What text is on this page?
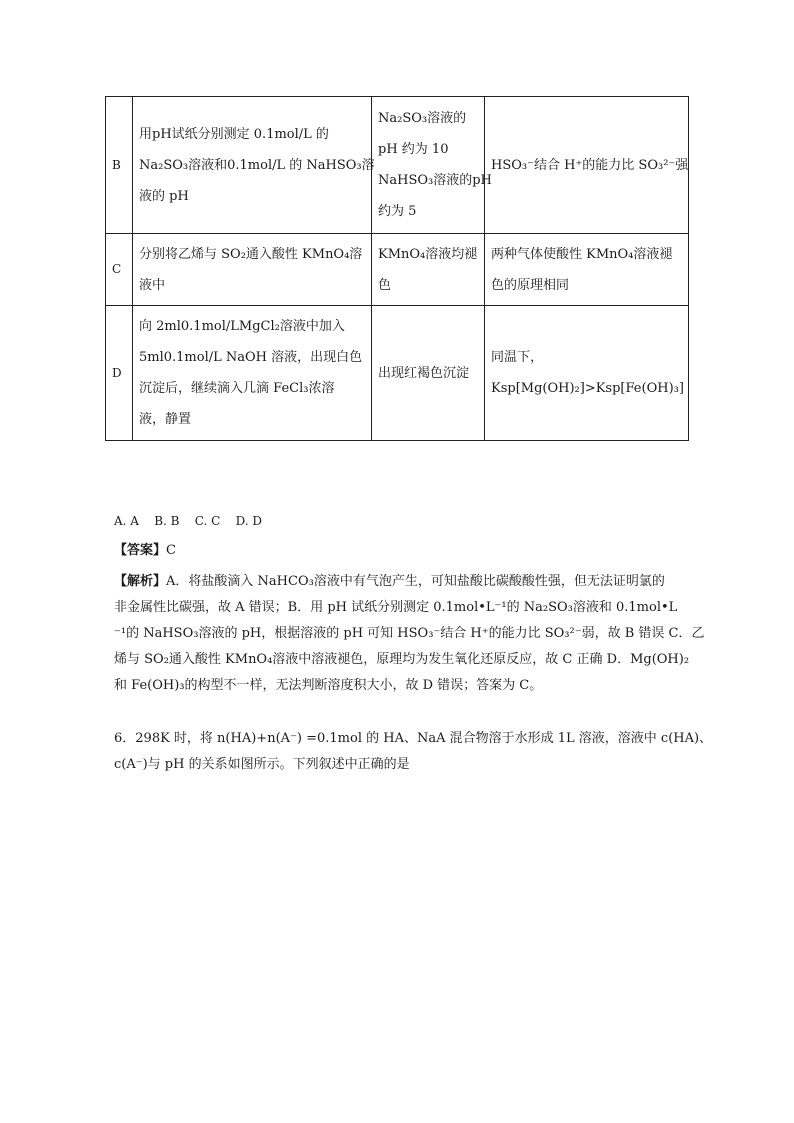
B	用pH试纸分别测定 0.1mol/L 的
Na₂SO₃溶液和0.1mol/L 的 NaHSO₃溶
液的 pH	Na₂SO₃溶液的
pH 约为 10
NaHSO₃溶液的pH
约为 5	HSO₃⁻结合 H⁺的能力比 SO₃²⁻强

C	分别将乙烯与 SO₂通入酸性 KMnO₄溶
液中	KMnO₄溶液均褪
色	两种气体使酸性 KMnO₄溶液褪
色的原理相同

D	向 2ml0.1mol/LMgCl₂溶液中加入
5ml0.1mol/L NaOH 溶液，出现白色
沉淀后，继续滴入几滴 FeCl₃浓溶
液，静置	出现红褐色沉淀	同温下，
Ksp[Mg(OH)₂]>Ksp[Fe(OH)₃]
A. A    B. B    C. C    D. D
【答案】C
【解析】A．将盐酸滴入 NaHCO₃溶液中有气泡产生，可知盐酸比碳酸酸性强，但无法证明氯的
非金属性比碳强，故 A 错误；B．用 pH 试纸分别测定 0.1mol•L⁻¹的 Na₂SO₃溶液和 0.1mol•L
⁻¹的 NaHSO₃溶液的 pH，根据溶液的 pH 可知 HSO₃⁻结合 H⁺的能力比 SO₃²⁻弱，故 B 错误 C．乙
烯与 SO₂通入酸性 KMnO₄溶液中溶液褪色，原理均为发生氧化还原反应，故 C 正确 D．Mg(OH)₂
和 Fe(OH)₃的构型不一样，无法判断溶度积大小，故 D 错误；答案为 C。
6．298K 时，将 n(HA)+n(A⁻) =0.1mol 的 HA、NaA 混合物溶于水形成 1L 溶液，溶液中 c(HA)、
c(A⁻)与 pH 的关系如图所示。下列叙述中正确的是
